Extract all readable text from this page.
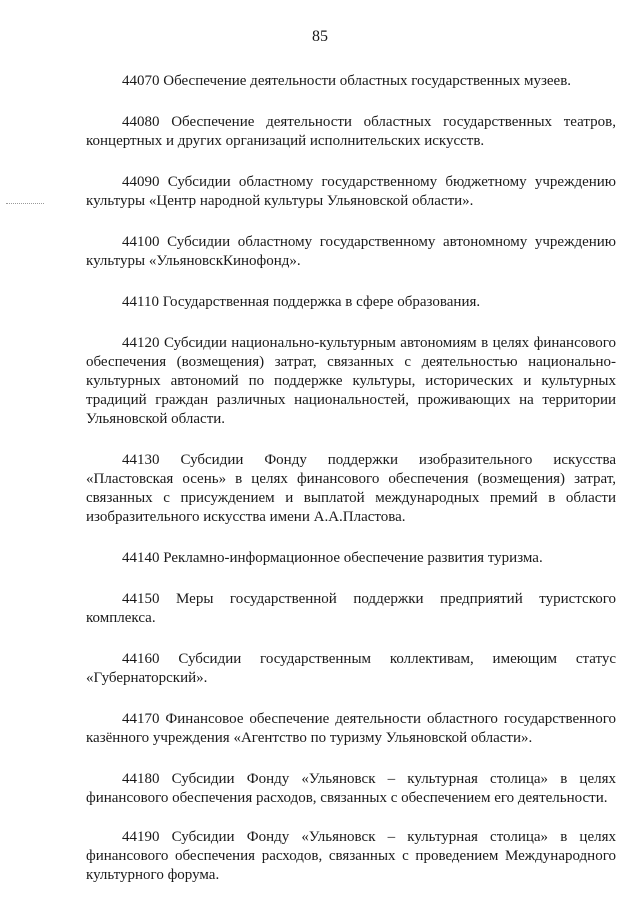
85

44070 Обеспечение деятельности областных государственных музеев.

44080 Обеспечение деятельности областных государственных театров, концертных и других организаций исполнительских искусств.

44090 Субсидии областному государственному бюджетному учреждению культуры «Центр народной культуры Ульяновской области».

44100 Субсидии областному государственному автономному учреждению культуры «УльяновскКинофонд».

44110 Государственная поддержка в сфере образования.

44120 Субсидии национально-культурным автономиям в целях финансового обеспечения (возмещения) затрат, связанных с деятельностью национально-культурных автономий по поддержке культуры, исторических и культурных традиций граждан различных национальностей, проживающих на территории Ульяновской области.

44130 Субсидии Фонду поддержки изобразительного искусства «Пластовская осень» в целях финансового обеспечения (возмещения) затрат, связанных с присуждением и выплатой международных премий в области изобразительного искусства имени А.А.Пластова.

44140 Рекламно-информационное обеспечение развития туризма.

44150 Меры государственной поддержки предприятий туристского комплекса.

44160 Субсидии государственным коллективам, имеющим статус «Губернаторский».

44170 Финансовое обеспечение деятельности областного государственного казённого учреждения «Агентство по туризму Ульяновской области».

44180 Субсидии Фонду «Ульяновск – культурная столица» в целях финансового обеспечения расходов, связанных с обеспечением его деятельности.

44190 Субсидии Фонду «Ульяновск – культурная столица» в целях финансового обеспечения расходов, связанных с проведением Международного культурного форума.
